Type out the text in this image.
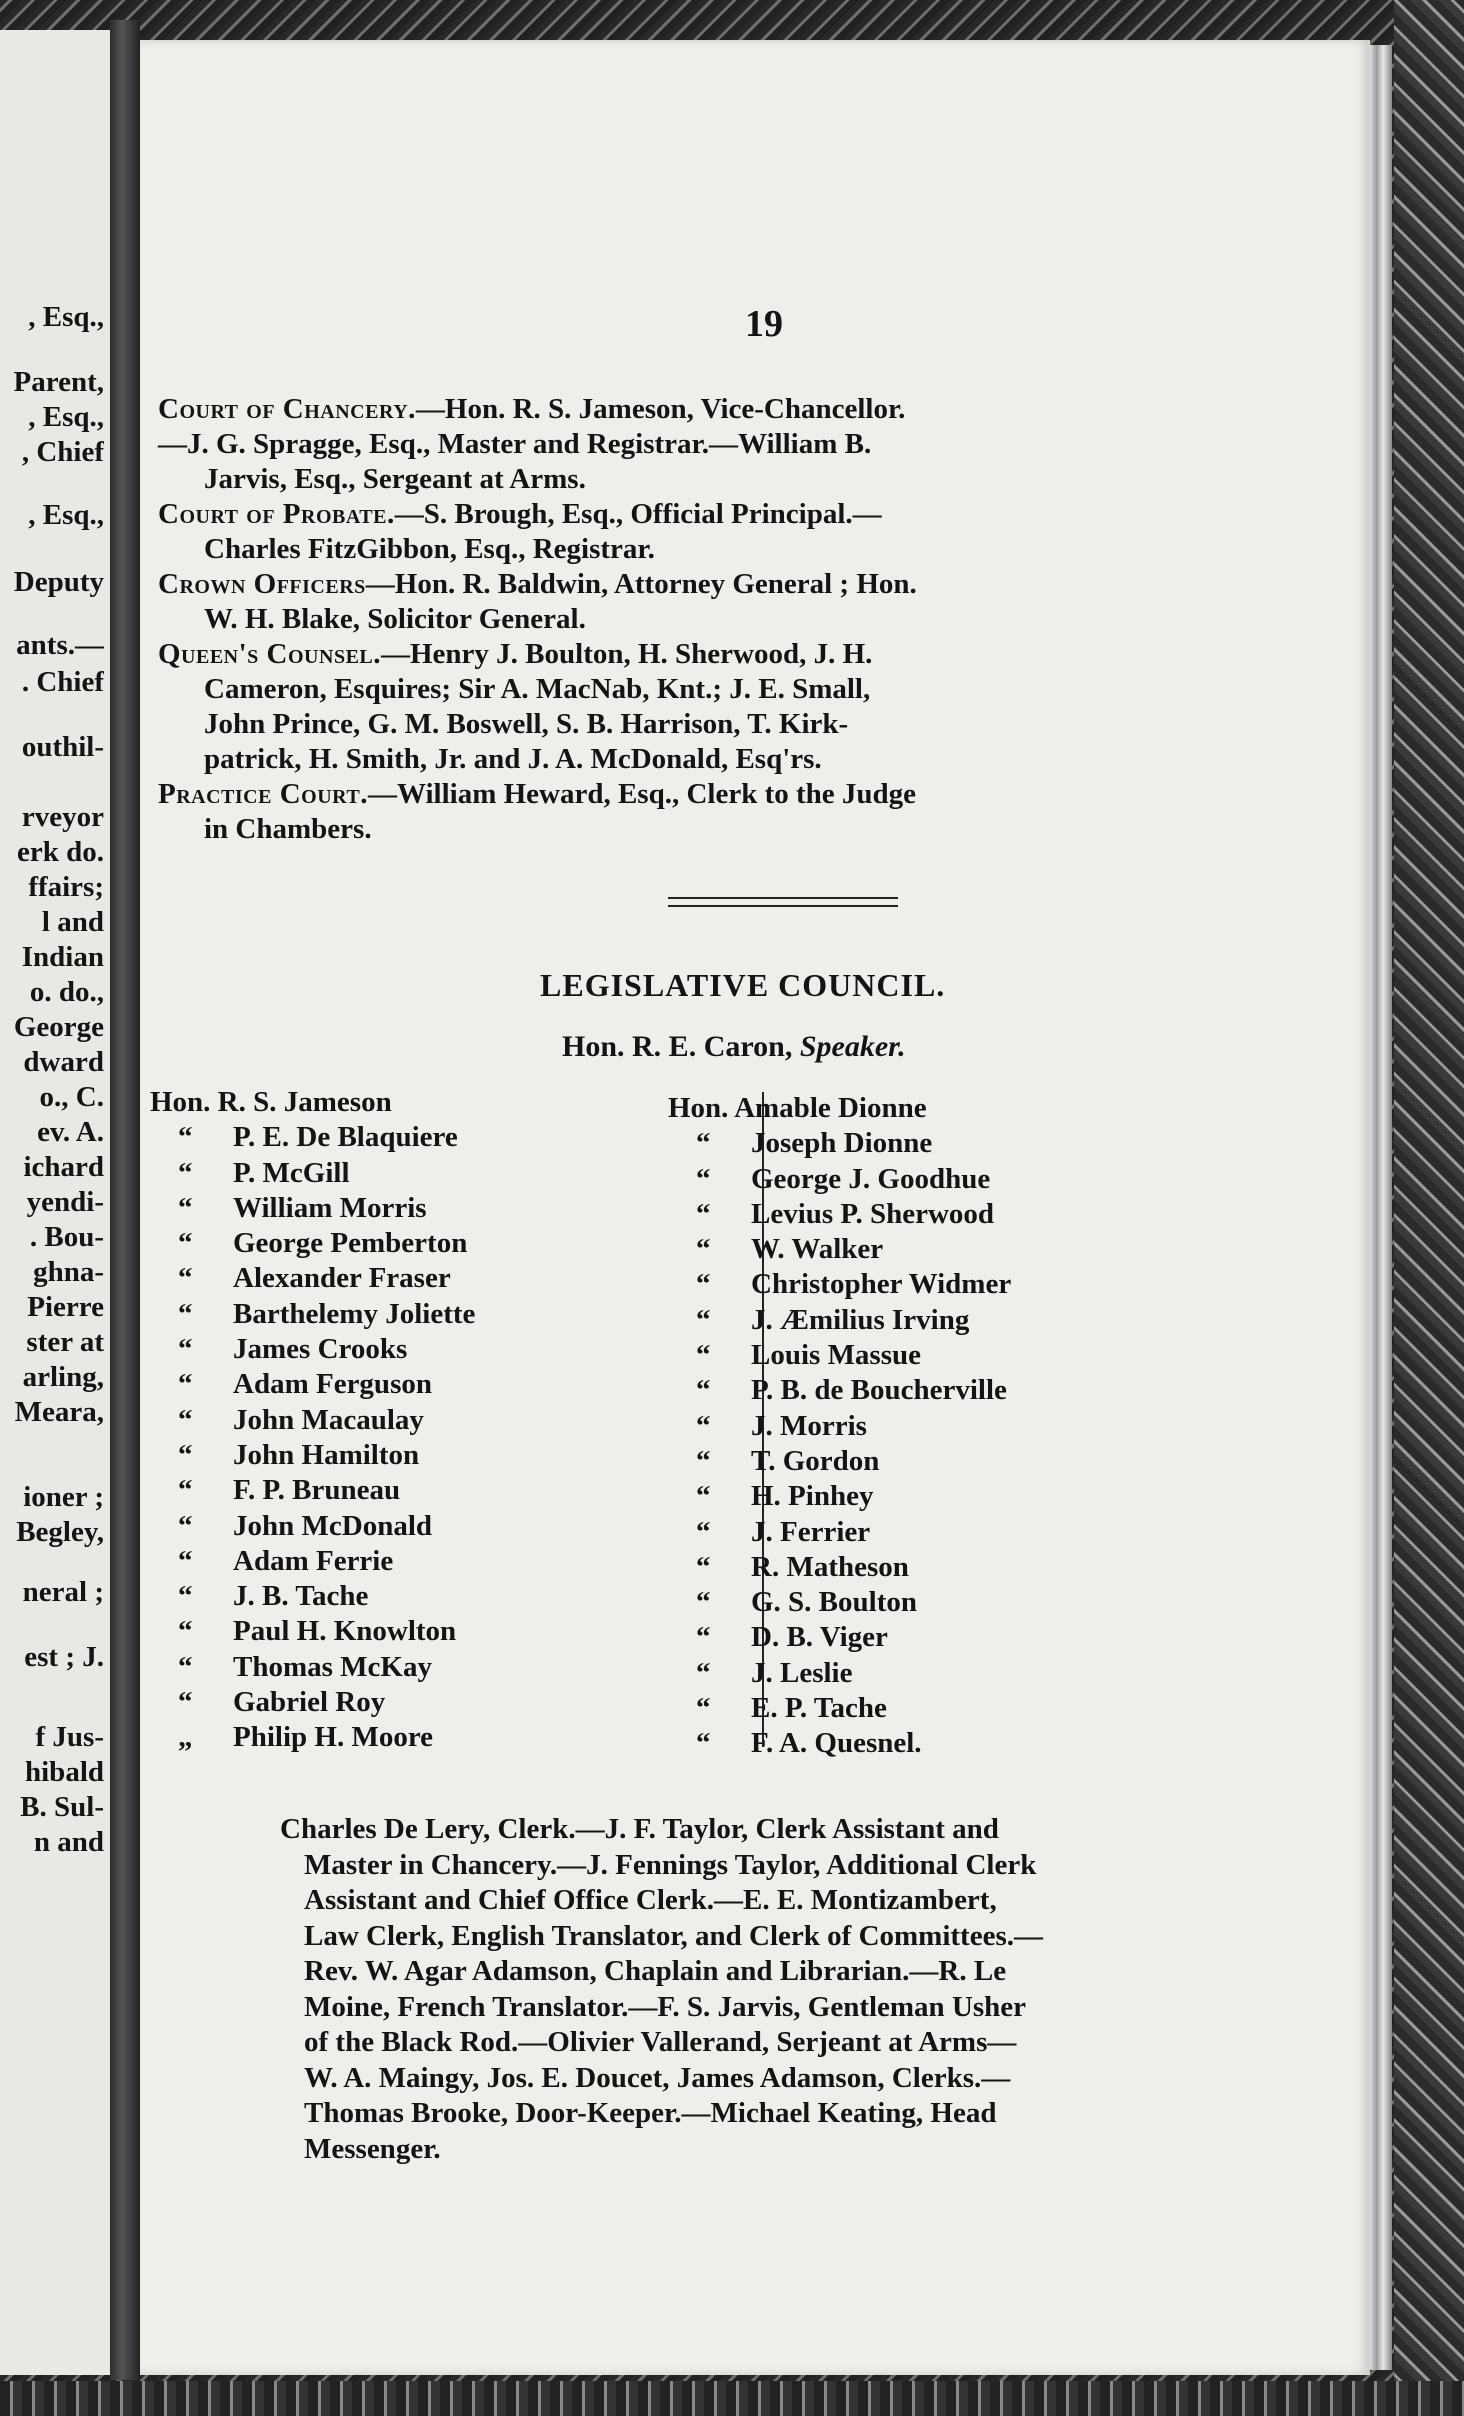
, Esq.,
Parent,
, Esq.,
, Chief
, Esq.,
Deputy
ants.—
. Chief
outhil-
rveyor
erk do.
ffairs;
l and
Indian
o. do.,
George
dward
o., C.
ev. A.
ichard
yendi-
. Bou-
ghna-
Pierre
ster at
arling,
Meara,
ioner ;
Begley,
neral ;
est ; J.
f Jus-
hibald
B. Sul-
n and
19
Court of Chancery.—Hon. R. S. Jameson, Vice-Chancellor.
—J. G. Spragge, Esq., Master and Registrar.—William B.
Jarvis, Esq., Sergeant at Arms.
Court of Probate.—S. Brough, Esq., Official Principal.—
Charles FitzGibbon, Esq., Registrar.
Crown Officers—Hon. R. Baldwin, Attorney General ; Hon.
W. H. Blake, Solicitor General.
Queen's Counsel.—Henry J. Boulton, H. Sherwood, J. H.
Cameron, Esquires; Sir A. MacNab, Knt.; J. E. Small,
John Prince, G. M. Boswell, S. B. Harrison, T. Kirk-
patrick, H. Smith, Jr. and J. A. McDonald, Esq'rs.
Practice Court.—William Heward, Esq., Clerk to the Judge
in Chambers.
LEGISLATIVE COUNCIL.
Hon. R. E. Caron, Speaker.
Hon. R. S. Jameson
“ P. E. De Blaquiere
“ P. McGill
“ William Morris
“ George Pemberton
“ Alexander Fraser
“ Barthelemy Joliette
“ James Crooks
“ Adam Ferguson
“ John Macaulay
“ John Hamilton
“ F. P. Bruneau
“ John McDonald
“ Adam Ferrie
“ J. B. Tache
“ Paul H. Knowlton
“ Thomas McKay
“ Gabriel Roy
„ Philip H. Moore
Hon. Amable Dionne
“ Joseph Dionne
“ George J. Goodhue
“ Levius P. Sherwood
“ W. Walker
“ Christopher Widmer
“ J. Æmilius Irving
“ Louis Massue
“ P. B. de Boucherville
“ J. Morris
“ T. Gordon
“ H. Pinhey
“ J. Ferrier
“ R. Matheson
“ G. S. Boulton
“ D. B. Viger
“ J. Leslie
“ E. P. Tache
“ F. A. Quesnel.
Charles De Lery, Clerk.—J. F. Taylor, Clerk Assistant and
Master in Chancery.—J. Fennings Taylor, Additional Clerk
Assistant and Chief Office Clerk.—E. E. Montizambert,
Law Clerk, English Translator, and Clerk of Committees.—
Rev. W. Agar Adamson, Chaplain and Librarian.—R. Le
Moine, French Translator.—F. S. Jarvis, Gentleman Usher
of the Black Rod.—Olivier Vallerand, Serjeant at Arms—
W. A. Maingy, Jos. E. Doucet, James Adamson, Clerks.—
Thomas Brooke, Door-Keeper.—Michael Keating, Head
Messenger.
